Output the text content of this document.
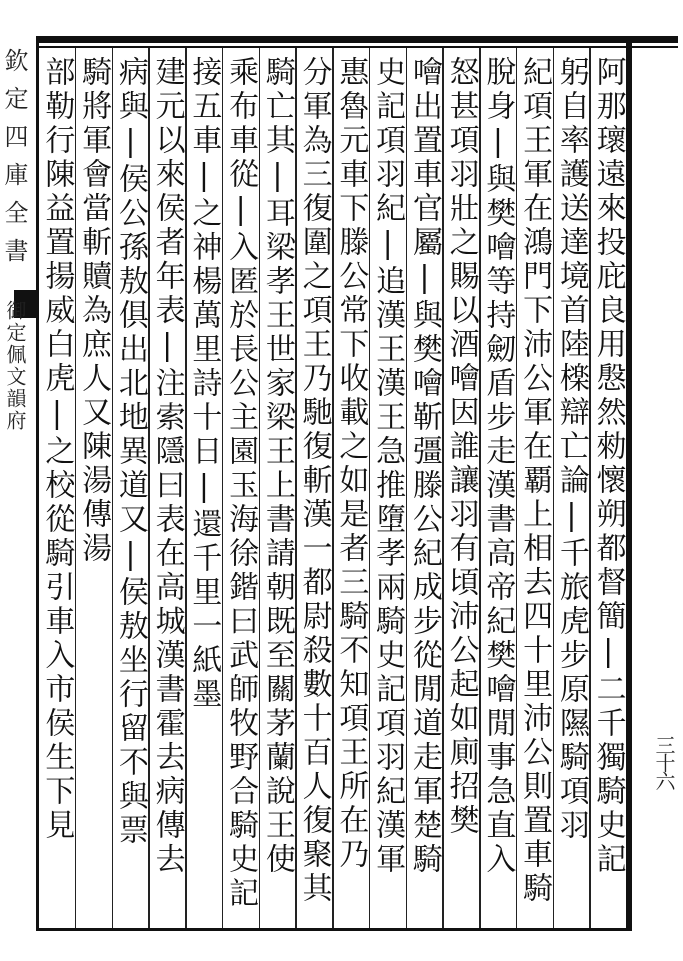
欽定四庫全書
御定佩文韻府
三十六
阿那瓌遠來投庇良用慇然勑懷朔都督簡|二千獨騎史記
躬自率護送達境首陸檪辯亡論|千旅虎步原隰騎項羽
紀項王軍在鴻門下沛公軍在覇上相去四十里沛公則置車騎
脫身|與樊噲等持劒盾步走漢書高帝紀樊噲閒事急直入
怒甚項羽壯之賜以酒噲因誰讓羽有頃沛公起如廁招樊
噲出置車官屬|與樊噲靳彊滕公紀成步從閒道走軍楚騎
史記項羽紀|追漢王漢王急推墮孝兩騎史記項羽紀漢軍
惠魯元車下滕公常下收載之如是者三騎不知項王所在乃
分軍為三復圍之項王乃馳復斬漢一都尉殺數十百人復聚其
騎亡其|耳梁孝王世家梁王上書請朝既至關茅蘭說王使
乘布車從|入匿於長公主園玉海徐鍇曰武師牧野合騎史記
接五車|之神楊萬里詩十日|還千里一紙墨
建元以來侯者年表|注索隱曰表在高城漢書霍去病傳去
病與|侯公孫敖俱出北地異道又|侯敖坐行留不與票
騎將軍會當斬贖為庶人又陳湯傳湯
部勒行陳益置揚威白虎|之校從騎引車入市侯生下見
